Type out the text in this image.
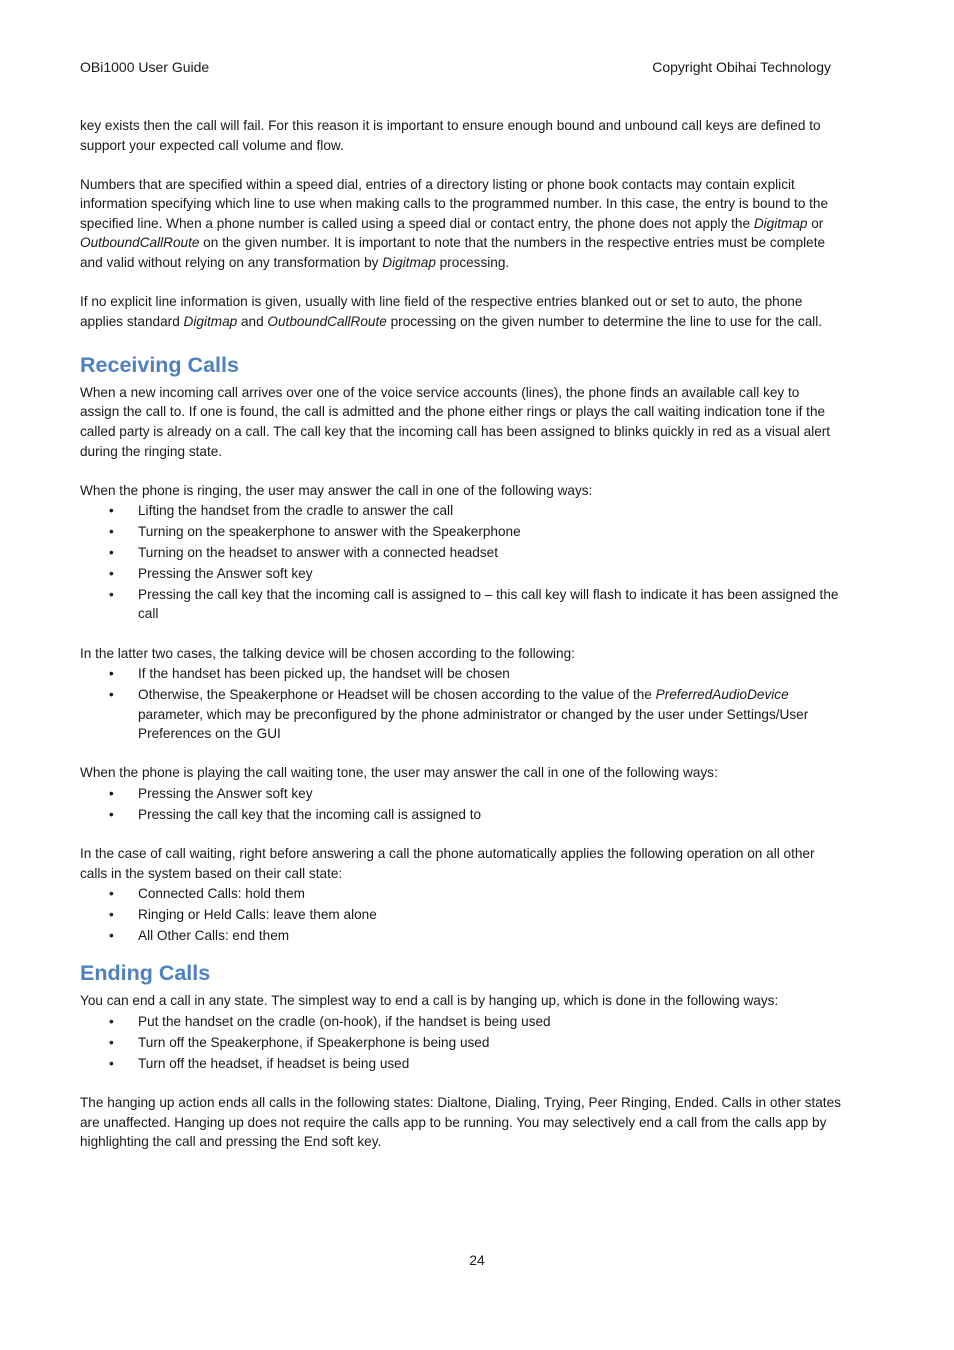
OBi1000 User Guide	Copyright Obihai Technology

key exists then the call will fail. For this reason it is important to ensure enough bound and unbound call keys are defined to support your expected call volume and flow.

Numbers that are specified within a speed dial, entries of a directory listing or phone book contacts may contain explicit information specifying which line to use when making calls to the programmed number. In this case, the entry is bound to the specified line. When a phone number is called using a speed dial or contact entry, the phone does not apply the Digitmap or OutboundCallRoute on the given number. It is important to note that the numbers in the respective entries must be complete and valid without relying on any transformation by Digitmap processing.

If no explicit line information is given, usually with line field of the respective entries blanked out or set to auto, the phone applies standard Digitmap and OutboundCallRoute processing on the given number to determine the line to use for the call.

Receiving Calls

When a new incoming call arrives over one of the voice service accounts (lines), the phone finds an available call key to assign the call to. If one is found, the call is admitted and the phone either rings or plays the call waiting indication tone if the called party is already on a call. The call key that the incoming call has been assigned to blinks quickly in red as a visual alert during the ringing state.

When the phone is ringing, the user may answer the call in one of the following ways:

• Lifting the handset from the cradle to answer the call
• Turning on the speakerphone to answer with the Speakerphone
• Turning on the headset to answer with a connected headset
• Pressing the Answer soft key
• Pressing the call key that the incoming call is assigned to – this call key will flash to indicate it has been assigned the call

In the latter two cases, the talking device will be chosen according to the following:

• If the handset has been picked up, the handset will be chosen
• Otherwise, the Speakerphone or Headset will be chosen according to the value of the PreferredAudioDevice parameter, which may be preconfigured by the phone administrator or changed by the user under Settings/User Preferences on the GUI

When the phone is playing the call waiting tone, the user may answer the call in one of the following ways:

• Pressing the Answer soft key
• Pressing the call key that the incoming call is assigned to

In the case of call waiting, right before answering a call the phone automatically applies the following operation on all other calls in the system based on their call state:

• Connected Calls: hold them
• Ringing or Held Calls: leave them alone
• All Other Calls: end them
Ending Calls

You can end a call in any state. The simplest way to end a call is by hanging up, which is done in the following ways:

• Put the handset on the cradle (on-hook), if the handset is being used
• Turn off the Speakerphone, if Speakerphone is being used
• Turn off the headset, if headset is being used

The hanging up action ends all calls in the following states: Dialtone, Dialing, Trying, Peer Ringing, Ended. Calls in other states are unaffected. Hanging up does not require the calls app to be running. You may selectively end a call from the calls app by highlighting the call and pressing the End soft key.

24
